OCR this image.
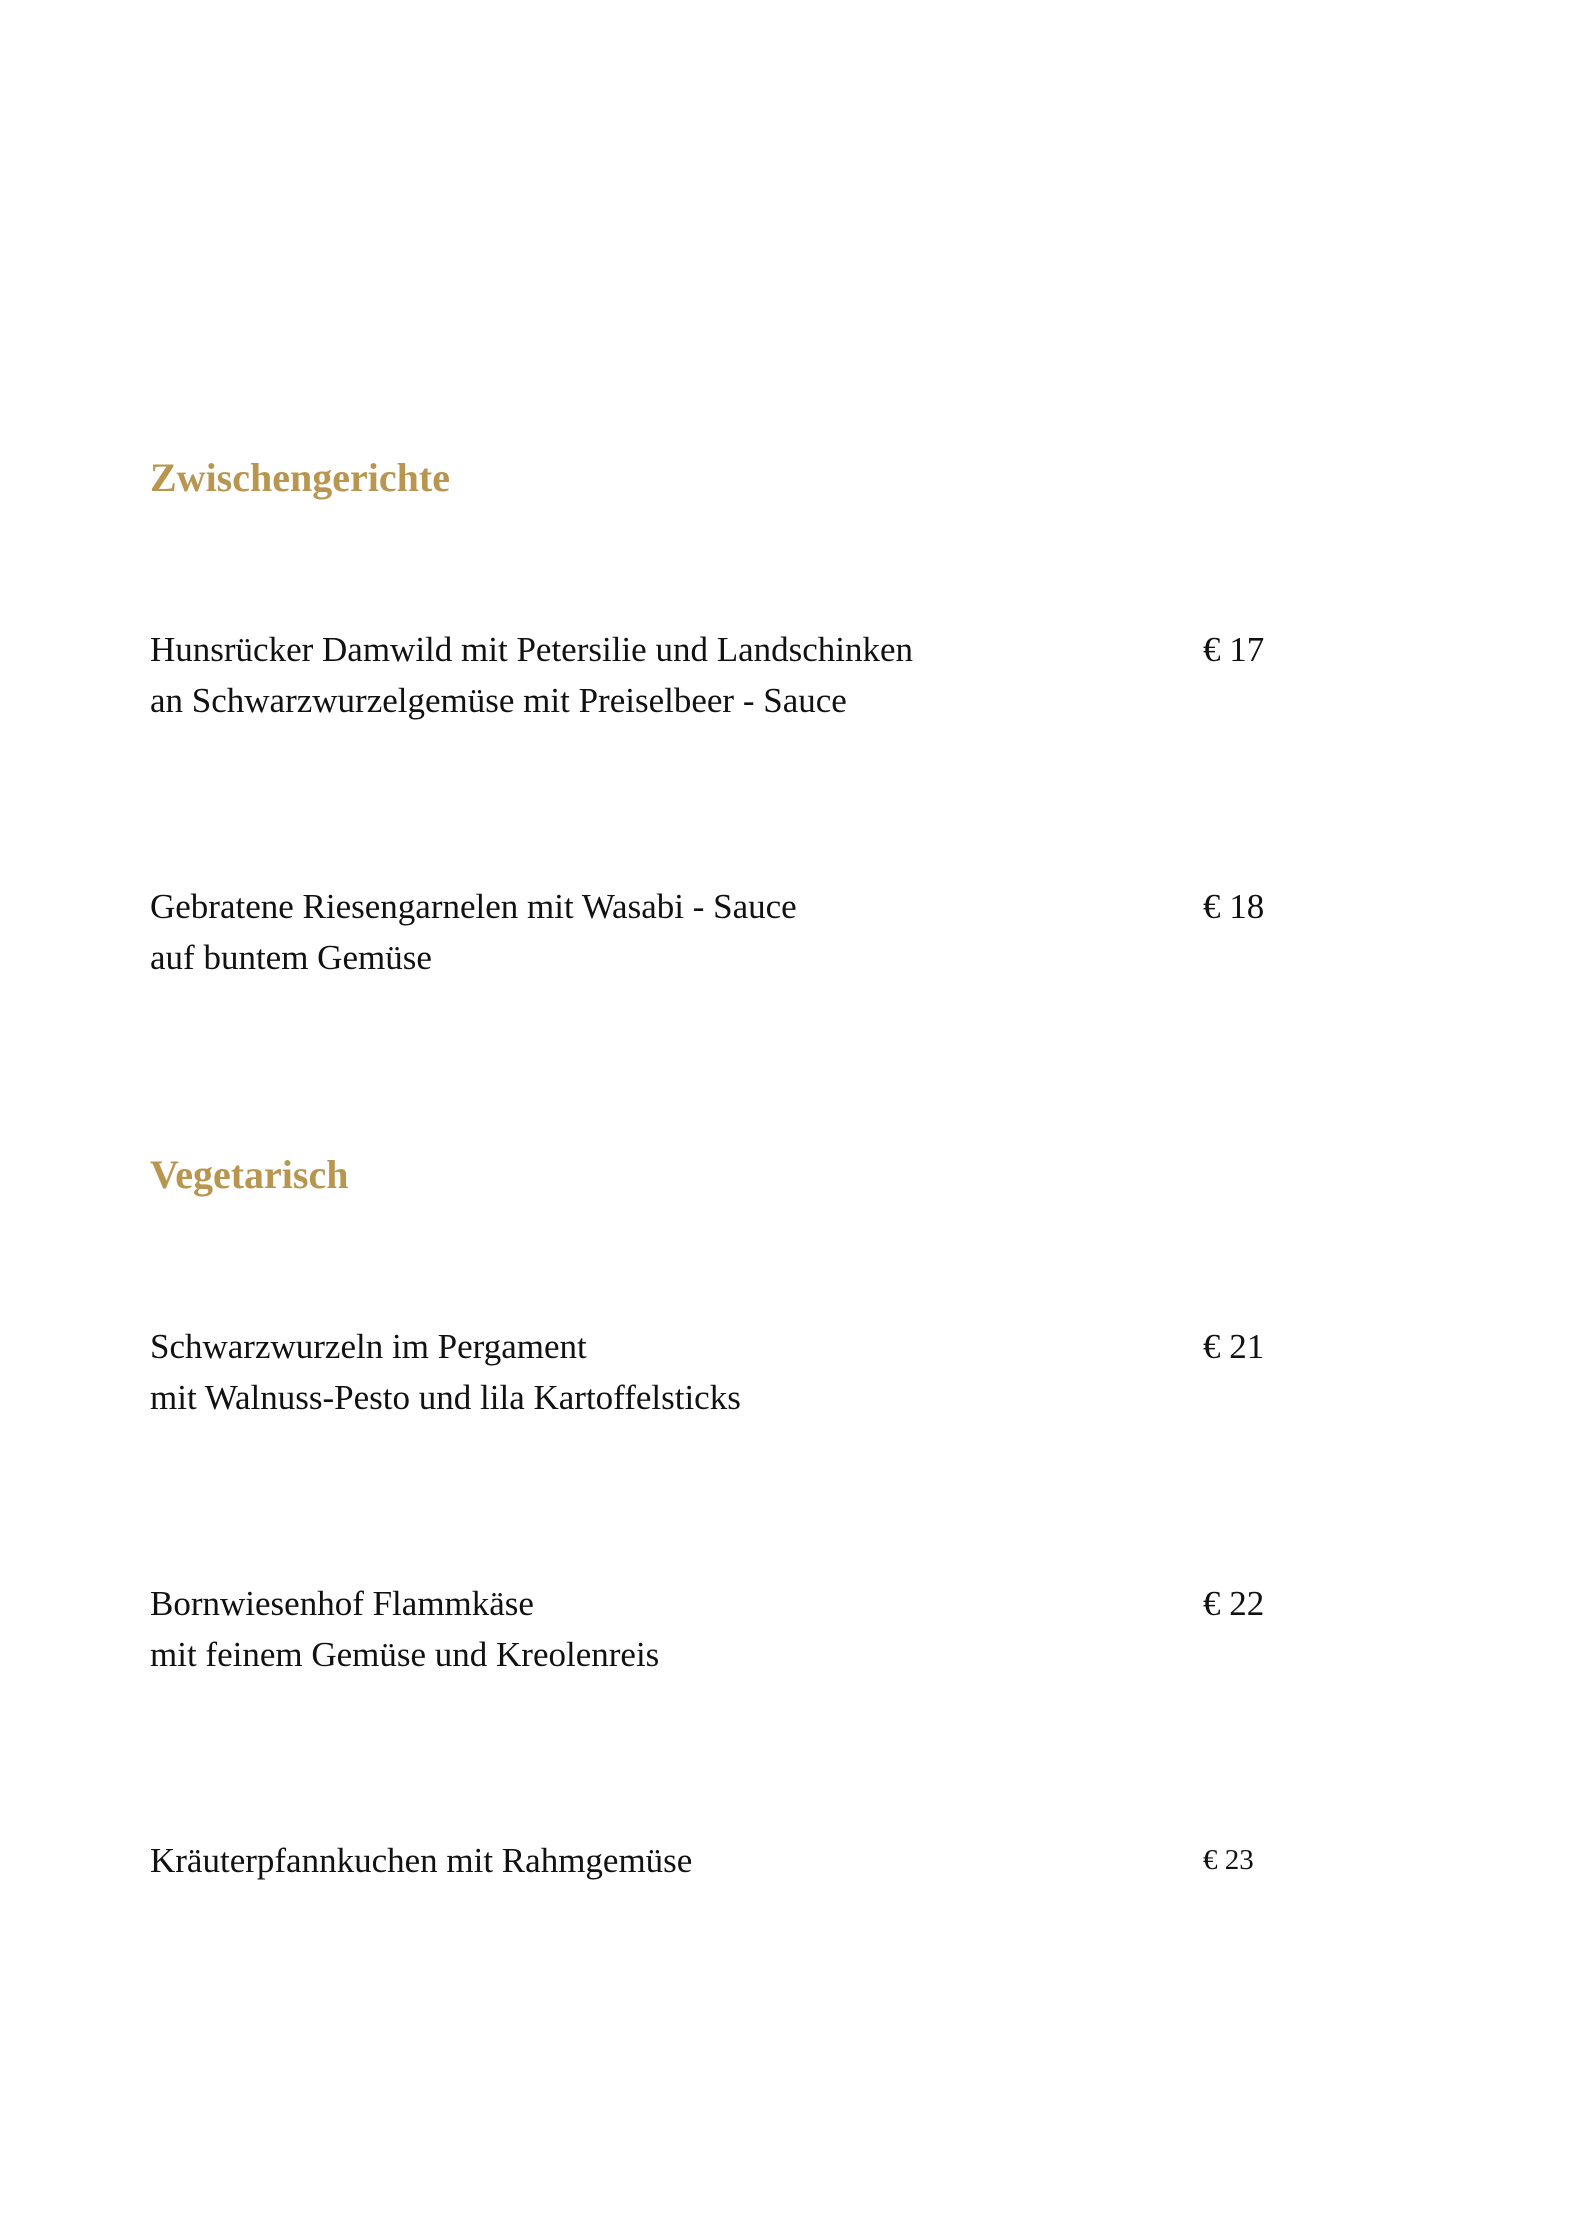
Zwischengerichte
Hunsrücker Damwild mit Petersilie und Landschinken
an Schwarzwurzelgemüse mit Preiselbeer - Sauce
€ 17
Gebratene Riesengarnelen mit Wasabi - Sauce
auf buntem Gemüse
€ 18
Vegetarisch
Schwarzwurzeln im Pergament
mit Walnuss-Pesto und lila Kartoffelsticks
€ 21
Bornwiesenhof Flammkäse
mit feinem Gemüse und Kreolenreis
€ 22
Kräuterpfannkuchen mit Rahmgemüse	€ 23
